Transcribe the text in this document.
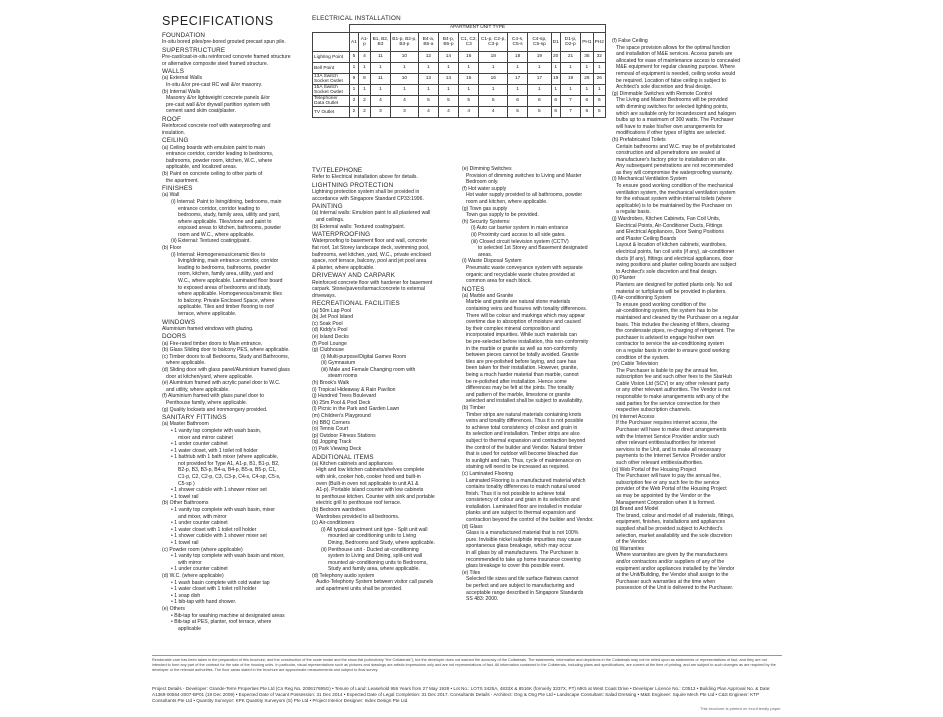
SPECIFICATIONS
FOUNDATION
In-situ bored piles/pre-bored grouted precast spun pile.
SUPERSTRUCTURE
Pre-cast/cast-in-situ reinforced concrete framed structure
or alternative composite steel framed structure.
WALLS
(a) External Walls
In-situ &/or pre-cast RC wall &/or masonry.
(b) Internal Walls
Masonry &/or lightweight concrete panels &/or
pre-cast wall &/or drywall partition system with
cement sand skim coat/plaster.
ROOF
Reinforced concrete roof with waterproofing and
insulation.
CEILING
(a) Ceiling boards with emulsion paint to main
entrance corridor, corridor leading to bedrooms,
bathrooms, powder room, kitchen, W.C., where
applicable, and localized areas.
(b) Paint on concrete ceiling to other parts of
the apartment.
FINISHES
(a) Wall
(i) Internal: Paint to living/dining, bedrooms, main
entrance corridor, corridor leading to
bedrooms, study, family area, utility and yard,
where applicable. Tiles/stone and paint to
exposed areas to kitchen, bathrooms, powder
room and W.C., where applicable.
(ii) External: Textured coating/paint.
(b) Floor
(i) Internal: Homogeneous/ceramic tiles to
living/dining, main entrance corridor, corridor
leading to bedrooms, bathrooms, powder
room, kitchen, family area, utility, yard and
W.C., where applicable. Laminated floor board
to exposed areas of bedrooms and study,
where applicable. Homogeneous/ceramic tiles
to balcony. Private Enclosed Space, where
applicable. Tiles and timber flooring to roof
terrace, where applicable.
WINDOWS
Aluminium framed windows with glazing.
DOORS
(a) Fire-rated timber doors to Main entrance.
(b) Glass Sliding door to balcony PES, where applicable.
(c) Timber doors to all Bedrooms, Study and Bathrooms,
where applicable.
(d) Sliding door with glass panel/Aluminium framed glass
door at kitchen/yard, where applicable.
(e) Aluminium framed with acrylic panel door to W.C.
and utility, where applicable.
(f) Aluminium framed with glass panel door to
Penthouse family, where applicable.
(g) Quality locksets and ironmongery provided.
SANITARY FITTINGS
(a) Master Bathroom
• 1 vanity top complete with wash basin,
mixer and mirror cabinet
• 1 under counter cabinet
• 1 water closet, with 1 toilet roll holder
• 1 bathtub with 1 bath mixer (where applicable,
not provided for Type A1, A1-p, B1, B1-p, B2,
B2-p, B3, B3-p, B4-a, B4-p, B5-a, B5-p, C1,
C1-p, C2, C2-p, C3, C3-p, C4-s, C4-sp, C5-s,
C5-sp )
• 1 shower cubicle with 1 shower mixer set
• 1 towel rail
(b) Other Bathrooms
• 1 vanity top complete with wash basin, mixer
and mixer, with mirror
• 1 under counter cabinet
• 1 water closet with 1 toilet roll holder
• 1 shower cubicle with 1 shower mixer set
• 1 towel rail
(c) Powder room (where applicable)
• 1 vanity top complete with wash basin and mixer,
with mirror
• 1 under counter cabinet
(d) W.C. (where applicable)
• 1 wash basin complete with cold water tap
• 1 water closet with 1 toilet roll holder
• 1 soap dish
• 1 bib-tap with hand shower.
(e) Others
• Bib-tap for washing machine at designated areas
• Bib-tap at PES, planter, roof terrace, where
applicable
ELECTRICAL INSTALLATION
	APARTMENT UNIT TYPE													
	A1	A1-p	B1, B2, B3	B1-p, B2-p, B3-p	B4-a, B5-a	B4-p, B5-p	C1, C2, C3	C1-p, C2-p, C3-p	C4-s, C5-s	C4-sp, C5-sp	D1	D1-p, D2-p	PH1	PH2
Lighting Point	5	4	11	10	12	14	16	18	18	19	20	21	35	32
Bell Point	1	1	1	1	1	1	1	1	1	1	1	1	1	1
13A Switch Socket Outlet	9	8	11	10	13	14	15	16	17	17	19	19	26	26
15A Switch Socket Outlet	1	1	1	1	1	1	1	1	1	1	1	1	1	1
Telephone/ Data Outlet	2	2	4	4	5	5	5	5	6	6	6	7	6	6
TV Outlet	2	2	3	3	4	4	4	4	5	5	6	7	6	5
TV/TELEPHONE
Refer to Electrical installation above for details.
LIGHTNING PROTECTION
Lightning protection system shall be provided in
accordance with Singapore Standard CP33:1996.
PAINTING
(a) Internal walls: Emulsion paint to all plastered wall
and ceilings.
(b) External walls: Textured coating/paint.
WATERPROOFING
Waterproofing to basement floor and wall, concrete
flat roof, 1st Storey landscape deck, swimming pool,
bathrooms, wet kitchen, yard, W.C., private enclosed
space, roof terrace, balcony, pool and jet pool area
& planter, where applicable.
DRIVEWAY AND CARPARK
Reinforced concrete floor with hardener for basement
carpark. Stone/pavers/tarmac/concrete to external
driveways.
RECREATIONAL FACILITIES
(a) 50m Lap Pool
(b) Jet Pool Island
(c) Soak Pool
(d) Kiddy's Pool
(e) Island Decks
(f) Pool Lounge
(g) Clubhouse
(i) Multi-purpose/Digital Games Room
(ii) Gymnasium
(iii) Male and Female Changing room with
steam rooms
(h) Brook's Walk
(i) Tropical Hideaway & Rain Pavilion
(j) Hundred Trees Boulevard
(k) 25m Pool & Pool Deck
(l) Picnic in the Park and Garden Lawn
(m) Children's Playground
(n) BBQ Corners
(o) Tennis Court
(p) Outdoor Fitness Stations
(q) Jogging Track
(r) Park Viewing Deck
ADDITIONAL ITEMS
(a) Kitchen cabinets and appliances
High and low kitchen cabinets/shelves complete
with sink, cooker hob, cooker hood and built-in
oven (Built-in oven not applicable to unit A1 &
A1-p). Portable island counter with low cabinets
to penthouse kitchen. Counter with sink and portable
electric grill to penthouse roof terrace.
(b) Bedroom wardrobes
Wardrobes provided to all bedrooms.
(c) Air-conditioners
(i) All typical apartment unit type - Split unit wall
mounted air conditioning units to Living
Dining, Bedrooms and Study, where applicable.
(ii) Penthouse unit - Ducted air-conditioning
system to Living and Dining, split-unit wall
mounted air-conditioning units to Bedrooms,
Study and family area, where applicable.
(d) Telephony audio system
Audio-Telephony System between visitor call panels
and apartment units shall be provided.
(e) Dimming Switches
Provision of dimming switches to Living and Master
Bedroom only.
(f) Hot water supply
Hot water supply provided to all bathrooms, powder
room and kitchen, where applicable.
(g) Town gas supply
Town gas supply to be provided.
(h) Security Systems:
(i) Auto car barrier system in main entrance
(ii) Proximity card access to all side gates.
(iii) Closed circuit television system (CCTV)
to selected 1st Storey and Basement designated
areas.
(i) Waste Disposal System
Pneumatic waste conveyance system with separate
organic and recyclable waste chutes provided at
common area for each block.
NOTES
(a) Marble and Granite
Marble and granite are natural stone materials
containing veins and fissures with tonality differences.
There will be colour and markings which may appear
overtime due to absorption of moisture and caused
by their complex mineral composition and
incorporated impurities. While such materials can
be pre-selected before installation, this non-conformity
in the marble or granite as well as non-conformity
between pieces cannot be totally avoided. Granite
tiles are pre-polished before laying, and care has
been taken for their installation. However, granite,
being a much harder material than marble, cannot
be re-polished after installation. Hence some
differences may be felt at the joints. The tonality
and pattern of the marble, limestone or granite
selected and installed shall be subject to availability.
(b) Timber
Timber strips are natural materials containing knots
veins and tonality differences. Thus it is not possible
to achieve total consistency of colour and grain in
its selection and installation. Timber strips are also
subject to thermal expansion and contraction beyond
the control of the builder and Vendor. Natural timber
that is used for outdoor will become bleached due
to sunlight and rain. Thus, cycle of maintenance on
staining will need to be increased as required.
(c) Laminated Flooring
Laminated Flooring is a manufactured material which
contains tonality differences to match natural wood
finish. Thus it is not possible to achieve total
consistency of colour and grain in its selection and
installation. Laminated floor are installed in modular
planks and are subject to thermal expansion and
contraction beyond the control of the builder and Vendor.
(d) Glass
Glass is a manufactured material that is not 100%
pure. Invisible nickel sulphide impurities may cause
spontaneous glass breakage, which may occur
in all glass by all manufacturers. The Purchaser is
recommended to take up home insurance covering
glass breakage to cover this possible event.
(e) Tiles
Selected tile sizes and tile surface flatness cannot
be perfect and are subject to manufacturing and
acceptable range described in Singapore Standards
SS 483: 2000.
(f) False Ceiling
The space provision allows for the optimal function
and installation of M&E services. Access panels are
allocated for ease of maintenance access to concealed
M&E equipment for regular cleaning purpose. Where
removal of equipment is needed, ceiling works would
be required. Location of false ceiling is subject to
Architect's sole discretion and final design.
(g) Dimmable Switches with Remote Control
The Living and Master Bedrooms will be provided
with dimming switches for selected lighting points,
which are suitable only for incandescent and halogen
bulbs up to a maximum of 300 watts. The Purchaser
will have to make his/her own arrangements for
modifications if other types of lights are selected.
(h) Prefabricated Toilets
Certain bathrooms and W.C. may be of prefabricated
construction and all penetrations are sealed at
manufacturer's factory prior to installation on site.
Any subsequent penetrations are not recommended
as they will compromise the waterproofing warranty.
(i) Mechanical Ventilation System
To ensure good working condition of the mechanical
ventilation system, the mechanical ventilation system
for the exhaust system within internal toilets (where
applicable) is to be maintained by the Purchaser on
a regular basis.
(j) Wardrobes, Kitchen Cabinets, Fan Coil Units,
Electrical Points, Air-Conditioner Ducts, Fittings
and Electrical Appliances, Door Swing Positions
and Plaster Ceiling Boards
Layout & location of kitchen cabinets, wardrobes,
electrical points, fan coil units (if any), air-conditioner
ducts (if any), fittings and electrical appliances, door
swing positions and plaster ceiling boards are subject
to Architect's sole discretion and final design.
(k) Planter
Planters are designed for potted plants only. No soil
material or turf/plants will be provided in planters.
(l) Air-conditioning System
To ensure good working condition of the
air-conditioning system, the system has to be
maintained and cleaned by the Purchaser on a regular
basis. This includes the cleaning of filters, clearing
the condensate pipes, re-charging of refrigerant. The
purchaser is advised to engage his/her own
contractor to service the air-conditioning system
on a regular basis in order to ensure good working
condition of the system.
(m) Cable Television
The Purchaser is liable to pay the annual fee,
subscription fee and such other fees to the StarHub
Cable Vision Ltd (SCV) or any other relevant party
or any other relevant authorities. The Vendor is not
responsible to make arrangements with any of the
said parties for the service connection for their
respective subscription channels.
(n) Internet Access
If the Purchaser requires internet access, the
Purchaser will have to make direct arrangements
with the Internet Service Provider and/or such
other relevant entities/authorities for internet
services to the Unit, and to make all necessary
payments to the Internet Service Provider and/or
such other relevant entities/authorities.
(o) Web Portal of the Housing Project
The Purchaser will have to pay the annual fee,
subscription fee or any such fee to the service
provider of the Web Portal of the Housing Project
as may be appointed by the Vendor or the
Management Corporation when it is formed.
(p) Brand and Model
The brand, colour and model of all materials, fittings,
equipment, finishes, installations and appliances
supplied shall be provided subject to Architect's
selection, market availability and the sole discretion
of the Vendor.
(q) Warranties
Where warranties are given by the manufacturers
and/or contractors and/or suppliers of any of the
equipment and/or appliances installed by the Vendor
at the Unit/Building, the Vendor shall assign to the
Purchaser such warranties at the time when
possession of the Unit is delivered to the Purchaser.
Renderable care has been taken in the preparation of this brochure, and the construction of the scale model and the show-flat (collectively "the Collaterals"), but the developer does not warrant the accuracy of the Collaterals. The statements, information and depictions in the Collaterals may not be relied upon as statements or representations of fact, and they are not intended to form any part of the contract for the sale of the housing units. In particular, visual representations such as pictures and drawings are artistic impressions only and are not representations of fact. All information contained in the Collaterals, including plans and specifications, are current at the time of printing, and are subject to such changes as are required by the developer or the relevant authorities. The floor areas stated in the brochure are approximate measurements and subject to final survey.
Project Details - Developer: Grande-Terre Properties Pte Ltd (Co Reg No. 200617695G) • Tenure of Land: Leasehold 956 Years from 27 May 1928 • Lot No.: LOTS 3425A, 4833X & 8516K (formerly 3337X, PT) MK5 at West Coast Drive • Developer Licence No.: C0513 • Building Plan Approval No. & Date: A1369-00564-2007-BP01 (19 Dec 2009) • Expected Date of Vacant Possession: 31 Dec 2014 • Expected Date of Legal Completion: 31 Dec 2017. Consultants Details - Architect: Ong & Ong Pte Ltd • Landscape Consultant: Salad Dressing • M&E Engineer: Squire Mech Pte Ltd • C&S Engineer: KTP Consultants Pte Ltd • Quantity Surveyor: KPK Quantity Surveyors (S) Pte Ltd • Project Interior Designer: Index Design Pte Ltd.
This brochure is printed on eco-friendly paper.
